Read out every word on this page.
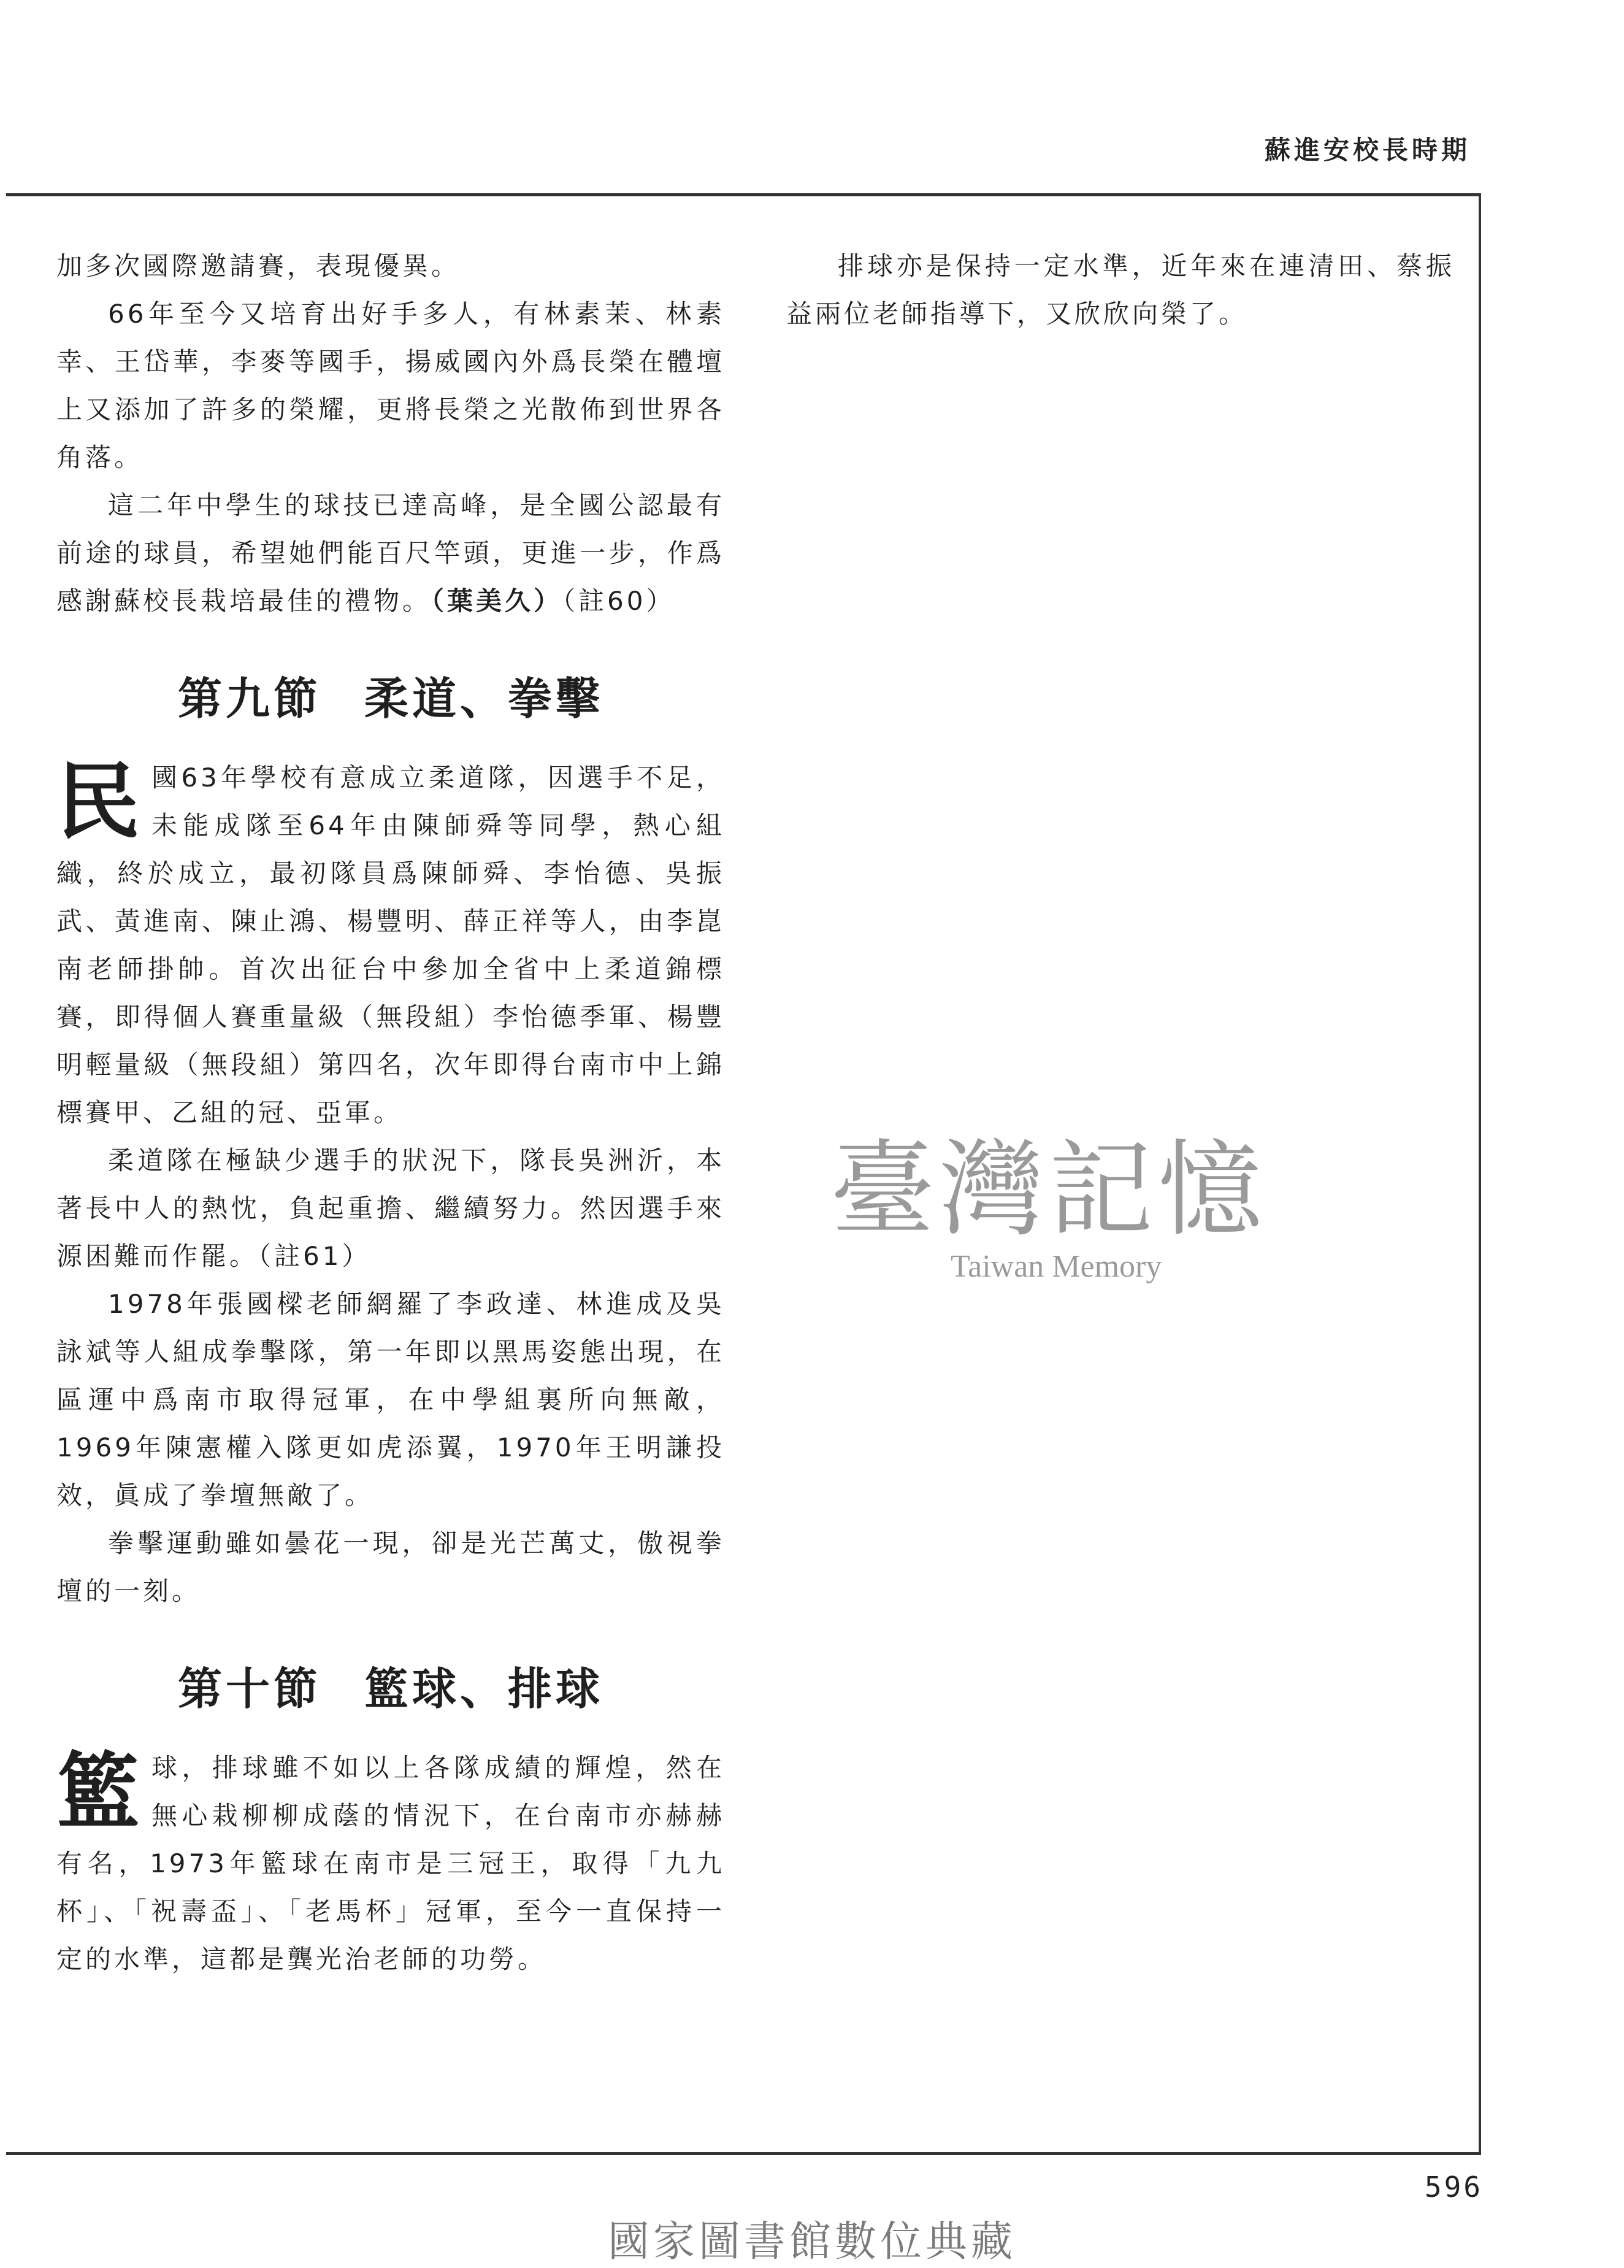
蘇進安校長時期

加多次國際邀請賽，表現優異。

66年至今又培育出好手多人，有林素茉、林素幸、王岱華，李麥等國手，揚威國內外爲長榮在體壇上又添加了許多的榮耀，更將長榮之光散佈到世界各角落。

這二年中學生的球技已達高峰，是全國公認最有前途的球員，希望她們能百尺竿頭，更進一步，作爲感謝蘇校長栽培最佳的禮物。（葉美久）（註60）

第九節 柔道、拳擊

民國63年學校有意成立柔道隊，因選手不足，未能成隊至64年由陳師舜等同學，熱心組織，終於成立，最初隊員爲陳師舜、李怡德、吳振武、黃進南、陳止鴻、楊豐明、薛正祥等人，由李崑南老師掛帥。首次出征台中參加全省中上柔道錦標賽，即得個人賽重量級（無段組）李怡德季軍、楊豐明輕量級（無段組）第四名，次年即得台南市中上錦標賽甲、乙組的冠、亞軍。

柔道隊在極缺少選手的狀況下，隊長吳洲沂，本著長中人的熱忱，負起重擔、繼續努力。然因選手來源困難而作罷。（註61）

1978年張國樑老師網羅了李政達、林進成及吳詠斌等人組成拳擊隊，第一年即以黑馬姿態出現，在區運中爲南市取得冠軍，在中學組裏所向無敵，1969年陳憲權入隊更如虎添翼，1970年王明謙投效，眞成了拳壇無敵了。

拳擊運動雖如曇花一現，卻是光芒萬丈，傲視拳壇的一刻。

第十節 籃球、排球

籃球，排球雖不如以上各隊成績的輝煌，然在無心栽柳柳成蔭的情況下，在台南市亦赫赫有名，1973年籃球在南市是三冠王，取得「九九杯」、「祝壽盃」、「老馬杯」冠軍，至今一直保持一定的水準，這都是龔光治老師的功勞。

排球亦是保持一定水準，近年來在連清田、蔡振益兩位老師指導下，又欣欣向榮了。

臺灣記憶
Taiwan Memory
596
國家圖書館數位典藏
